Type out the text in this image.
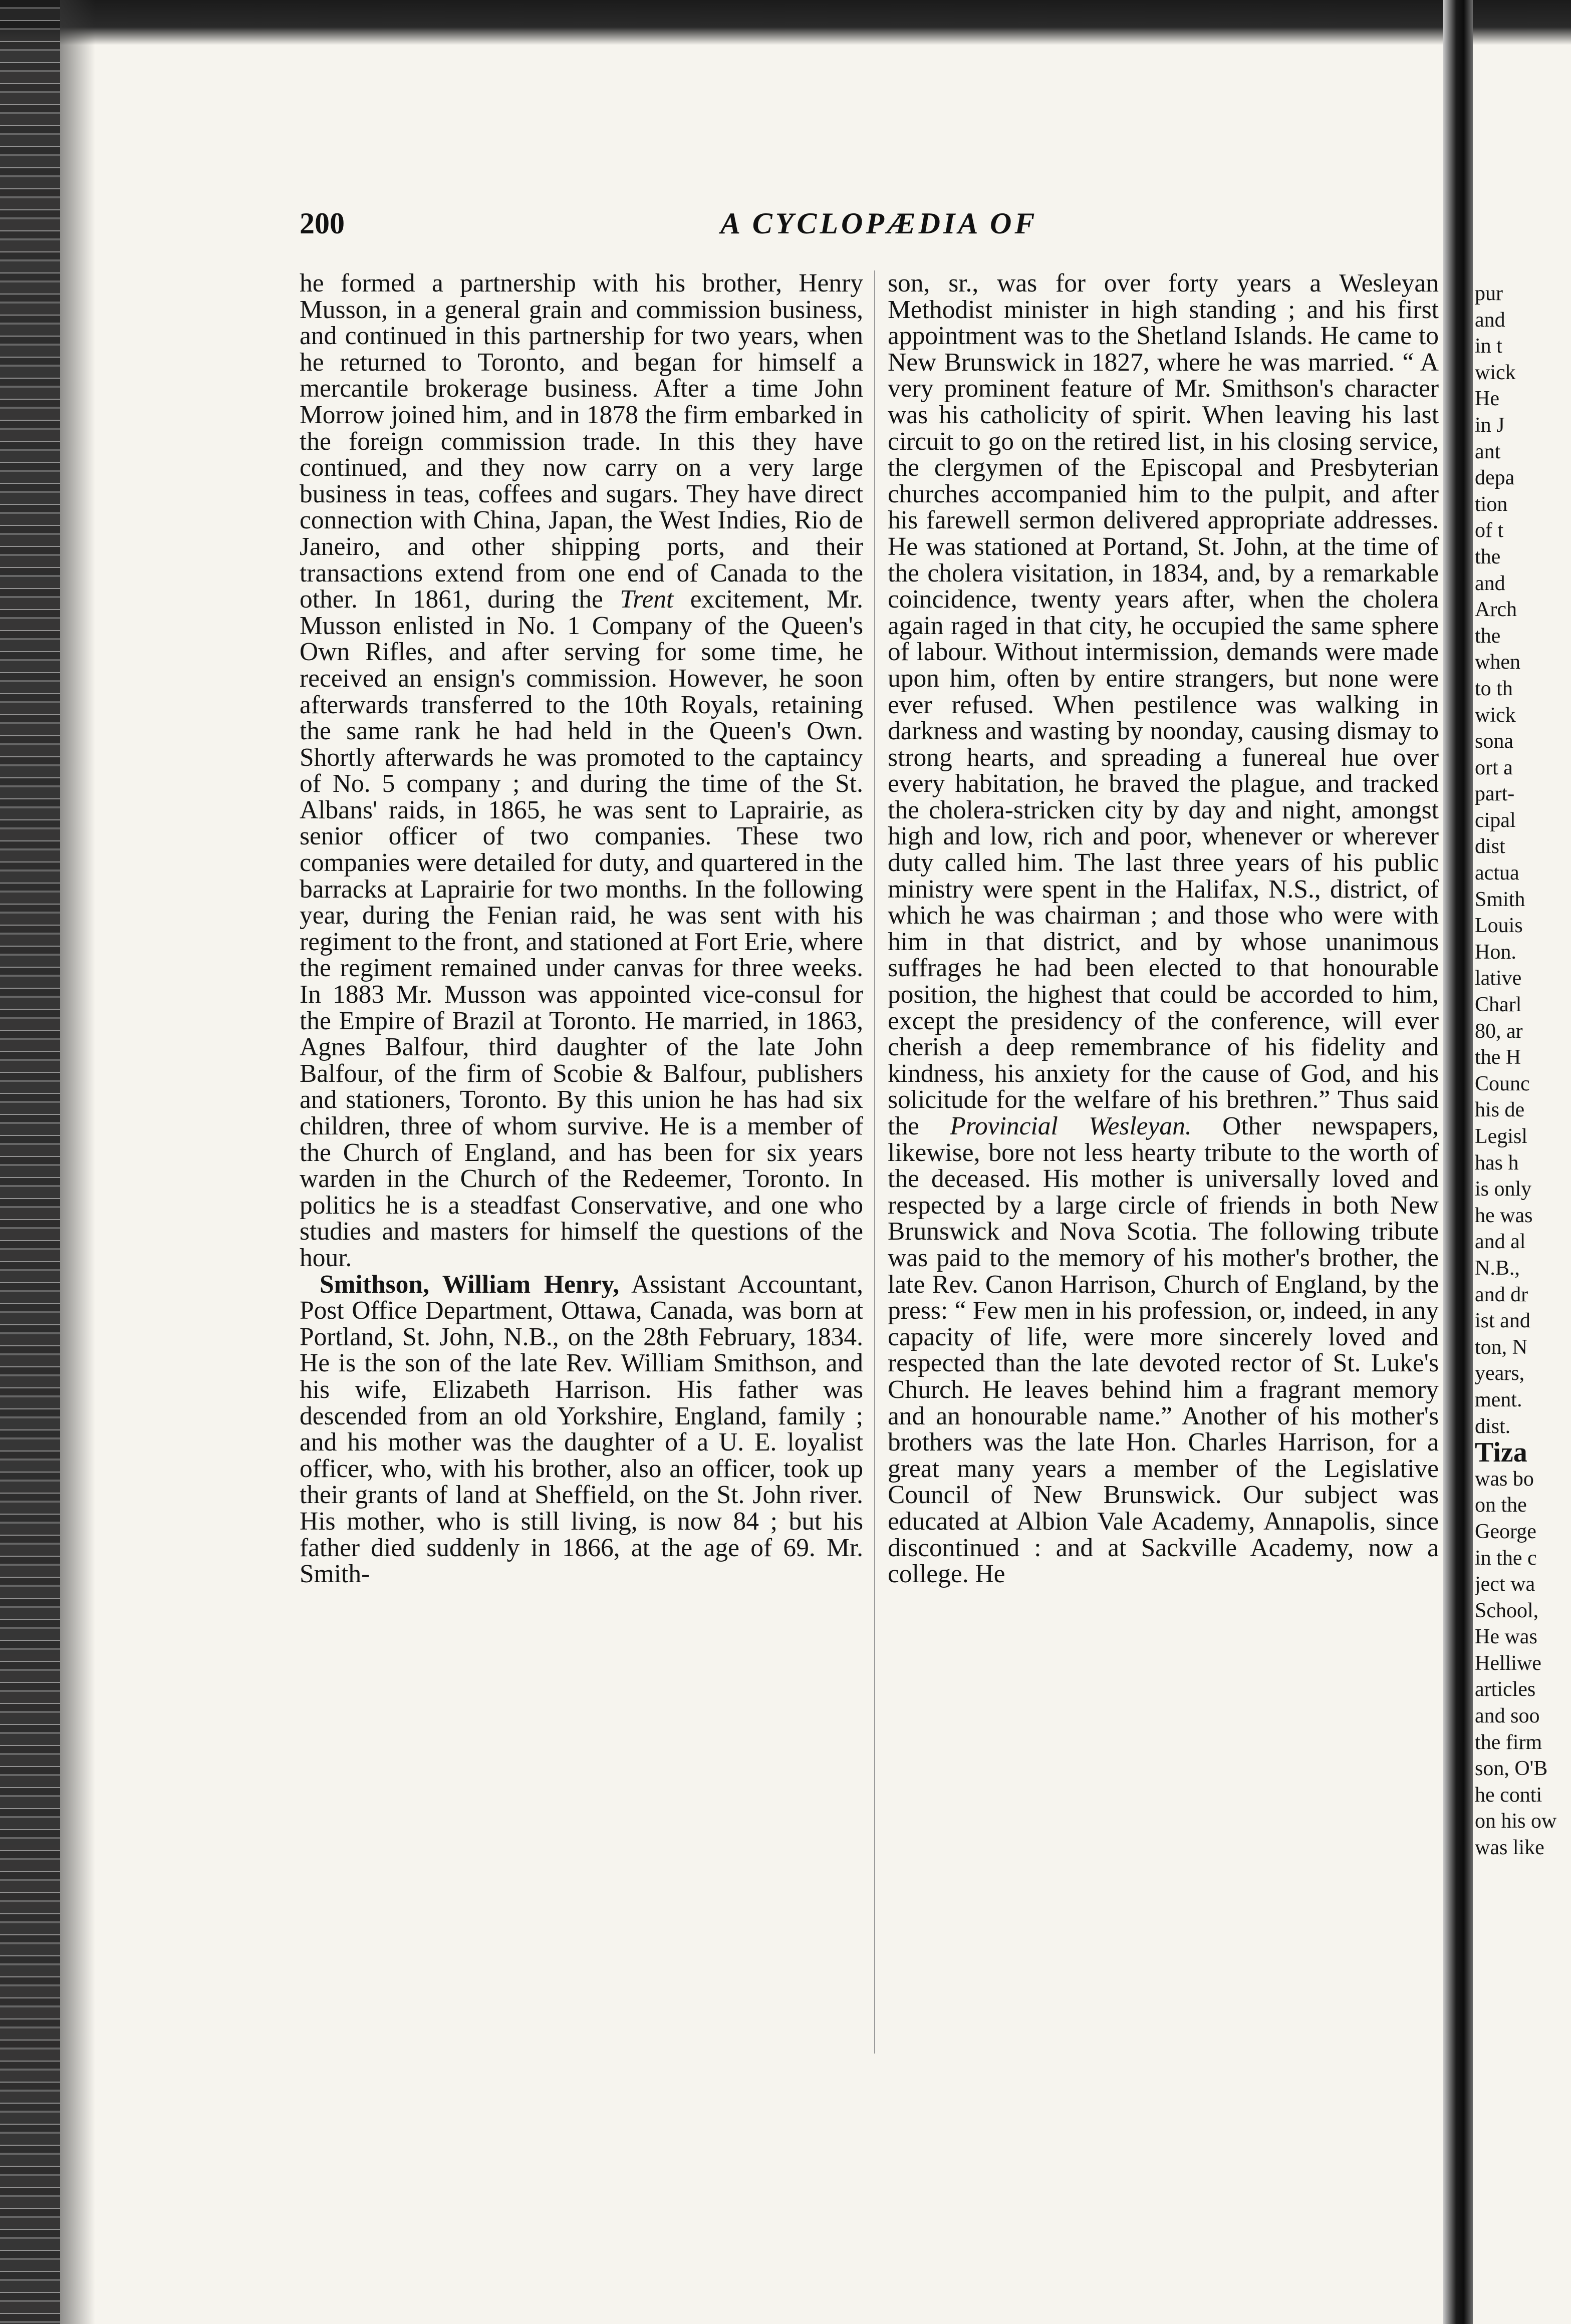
200	A CYCLOPÆDIA OF

he formed a partnership with his brother, Henry Musson, in a general grain and commission business, and continued in this partnership for two years, when he returned to Toronto, and began for himself a mercantile brokerage business. After a time John Morrow joined him, and in 1878 the firm embarked in the foreign commission trade. In this they have continued, and they now carry on a very large business in teas, coffees and sugars. They have direct connection with China, Japan, the West Indies, Rio de Janeiro, and other shipping ports, and their transactions extend from one end of Canada to the other. In 1861, during the Trent excitement, Mr. Musson enlisted in No. 1 Company of the Queen's Own Rifles, and after serving for some time, he received an ensign's commission. However, he soon afterwards transferred to the 10th Royals, retaining the same rank he had held in the Queen's Own. Shortly afterwards he was promoted to the captaincy of No. 5 company ; and during the time of the St. Albans' raids, in 1865, he was sent to Laprairie, as senior officer of two companies. These two companies were detailed for duty, and quartered in the barracks at Laprairie for two months. In the following year, during the Fenian raid, he was sent with his regiment to the front, and stationed at Fort Erie, where the regiment remained under canvas for three weeks. In 1883 Mr. Musson was appointed vice-consul for the Empire of Brazil at Toronto. He married, in 1863, Agnes Balfour, third daughter of the late John Balfour, of the firm of Scobie & Balfour, publishers and stationers, Toronto. By this union he has had six children, three of whom survive. He is a member of the Church of England, and has been for six years warden in the Church of the Redeemer, Toronto. In politics he is a steadfast Conservative, and one who studies and masters for himself the questions of the hour.

Smithson, William Henry, Assistant Accountant, Post Office Department, Ottawa, Canada, was born at Portland, St. John, N.B., on the 28th February, 1834. He is the son of the late Rev. William Smithson, and his wife, Elizabeth Harrison. His father was descended from an old Yorkshire, England, family ; and his mother was the daughter of a U. E. loyalist officer, who, with his brother, also an officer, took up their grants of land at Sheffield, on the St. John river. His mother, who is still living, is now 84 ; but his father died suddenly in 1866, at the age of 69. Mr. Smith-

son, sr., was for over forty years a Wesleyan Methodist minister in high standing ; and his first appointment was to the Shetland Islands. He came to New Brunswick in 1827, where he was married. “ A very prominent feature of Mr. Smithson's character was his catholicity of spirit. When leaving his last circuit to go on the retired list, in his closing service, the clergymen of the Episcopal and Presbyterian churches accompanied him to the pulpit, and after his farewell sermon delivered appropriate addresses. He was stationed at Portand, St. John, at the time of the cholera visitation, in 1834, and, by a remarkable coincidence, twenty years after, when the cholera again raged in that city, he occupied the same sphere of labour. Without intermission, demands were made upon him, often by entire strangers, but none were ever refused. When pestilence was walking in darkness and wasting by noonday, causing dismay to strong hearts, and spreading a funereal hue over every habitation, he braved the plague, and tracked the cholera-stricken city by day and night, amongst high and low, rich and poor, whenever or wherever duty called him. The last three years of his public ministry were spent in the Halifax, N.S., district, of which he was chairman ; and those who were with him in that district, and by whose unanimous suffrages he had been elected to that honourable position, the highest that could be accorded to him, except the presidency of the conference, will ever cherish a deep remembrance of his fidelity and kindness, his anxiety for the cause of God, and his solicitude for the welfare of his brethren.” Thus said the Provincial Wesleyan. Other newspapers, likewise, bore not less hearty tribute to the worth of the deceased. His mother is universally loved and respected by a large circle of friends in both New Brunswick and Nova Scotia. The following tribute was paid to the memory of his mother's brother, the late Rev. Canon Harrison, Church of England, by the press: “ Few men in his profession, or, indeed, in any capacity of life, were more sincerely loved and respected than the late devoted rector of St. Luke's Church. He leaves behind him a fragrant memory and an honourable name.” Another of his mother's brothers was the late Hon. Charles Harrison, for a great many years a member of the Legislative Council of New Brunswick. Our subject was educated at Albion Vale Academy, Annapolis, since discontinued : and at Sackville Academy, now a college. He

pur
and
in t
wick
He
in J
ant
depa
tion
of t
the
and
Arch
the
when
to th
wick
sona
ort a
part-
cipal
dist
actua
Smith
Louis
Hon.
lative
Charl
80, ar
the H
Counc
his de
Legisl
has h
is only
he was
and al
N.B.,
and dr
ist and
ton, N
years,
ment.
dist.
Tiza
was bo
on the
George
in the c
ject wa
School,
He was
Helliwe
articles
and soo
the firm
son, O'B
he conti
on his ow
was like
